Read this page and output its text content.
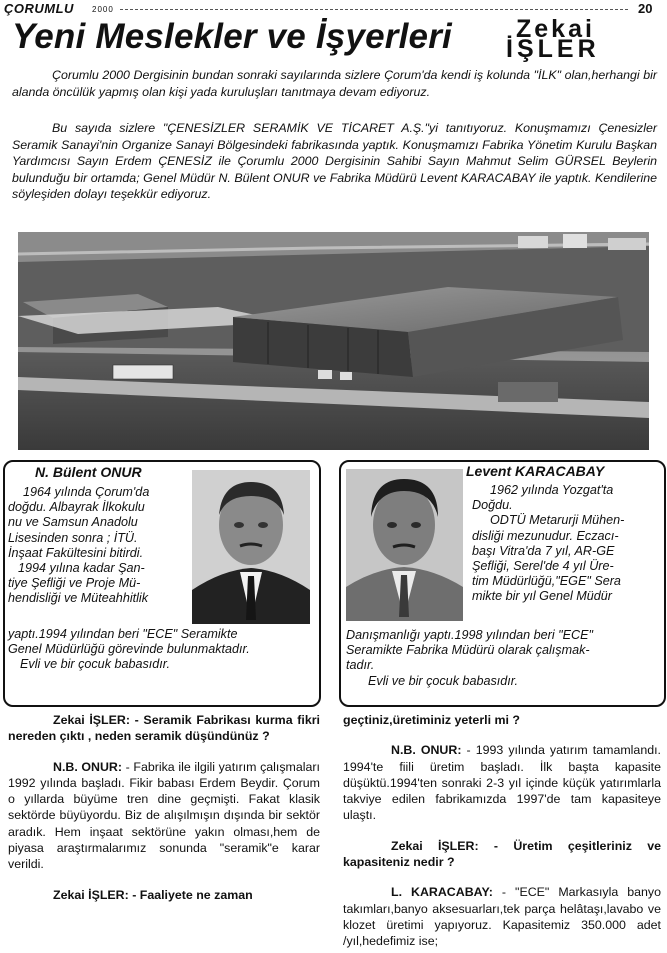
ÇORUMLU 2000	20
Yeni Meslekler ve İşyerleri	Zekai
İŞLER
Çorumlu 2000 Dergisinin bundan sonraki sayılarında sizlere Çorum'da kendi iş kolunda "İLK" olan,herhangi bir alanda öncülük yapmış olan kişi yada kuruluşları tanıtmaya devam ediyoruz.
Bu sayıda sizlere "ÇENESİZLER SERAMİK VE TİCARET A.Ş."yi tanıtıyoruz. Konuşmamızı Çenesizler Seramik Sanayi'nin Organize Sanayi Bölgesindeki fabrikasında yaptık. Konuşmamızı Fabrika Yönetim Kurulu Başkan Yardımcısı Sayın Erdem ÇENESİZ ile Çorumlu 2000 Dergisinin Sahibi Sayın Mahmut Selim GÜRSEL Beylerin bulunduğu bir ortamda; Genel Müdür N. Bülent ONUR ve Fabrika Müdürü Levent KARACABAY ile yaptık. Kendilerine söyleşiden dolayı teşekkür ediyoruz.
N. Bülent ONUR
1964 yılında Çorum'da
doğdu. Albayrak İlkokulu
nu ve Samsun Anadolu
Lisesinden sonra ; İTÜ.
İnşaat Fakültesini bitirdi.
1994 yılına kadar Şan-
tiye Şefliği ve Proje Mü-
hendisliği ve Müteahhitlik
yaptı.1994 yılından beri "ECE" Seramikte
Genel Müdürlüğü görevinde bulunmaktadır.
Evli ve bir çocuk babasıdır.
Levent KARACABAY
1962 yılında Yozgat'ta
Doğdu.
ODTÜ Metarurji Mühen-
disliği mezunudur. Eczacı-
başı Vitra'da 7 yıl, AR-GE
Şefliği, Serel'de 4 yıl Üre-
tim Müdürlüğü,"EGE" Sera
mikte bir yıl Genel Müdür
Danışmanlığı yaptı.1998 yılından beri "ECE"
Seramikte Fabrika Müdürü olarak çalışmak-
tadır.
Evli ve bir çocuk babasıdır.

Zekai İŞLER: - Seramik Fabrikası kurma fikri nereden çıktı , neden seramik düşündünüz ?

N.B. ONUR: - Fabrika ile ilgili yatırım çalışmaları 1992 yılında başladı. Fikir babası Erdem Beydir. Çorum o yıllarda büyüme tren dine geçmişti. Fakat klasik sektörde büyüyordu. Biz de alışılmışın dışında bir sektör aradık. Hem inşaat sektörüne yakın olması,hem de piyasa araştırmalarımız sonunda "seramik"e karar verildi.

Zekai İŞLER: - Faaliyete ne zaman

geçtiniz,üretiminiz yeterli mi ?

N.B. ONUR: - 1993 yılında yatırım tamamlandı. 1994'te fiili üretim başladı. İlk başta kapasite düşüktü.1994'ten sonraki 2-3 yıl içinde küçük yatırımlarla takviye edilen fabrikamızda 1997'de tam kapasiteye ulaştı.

Zekai İŞLER: - Üretim çeşitleriniz ve kapasiteniz nedir ?

L. KARACABAY: - "ECE" Markasıyla banyo takımları,banyo aksesuarları,tek parça helâtaşı,lavabo ve klozet üretimi yapıyoruz. Kapasitemiz 350.000 adet /yıl,hedefimiz ise;
